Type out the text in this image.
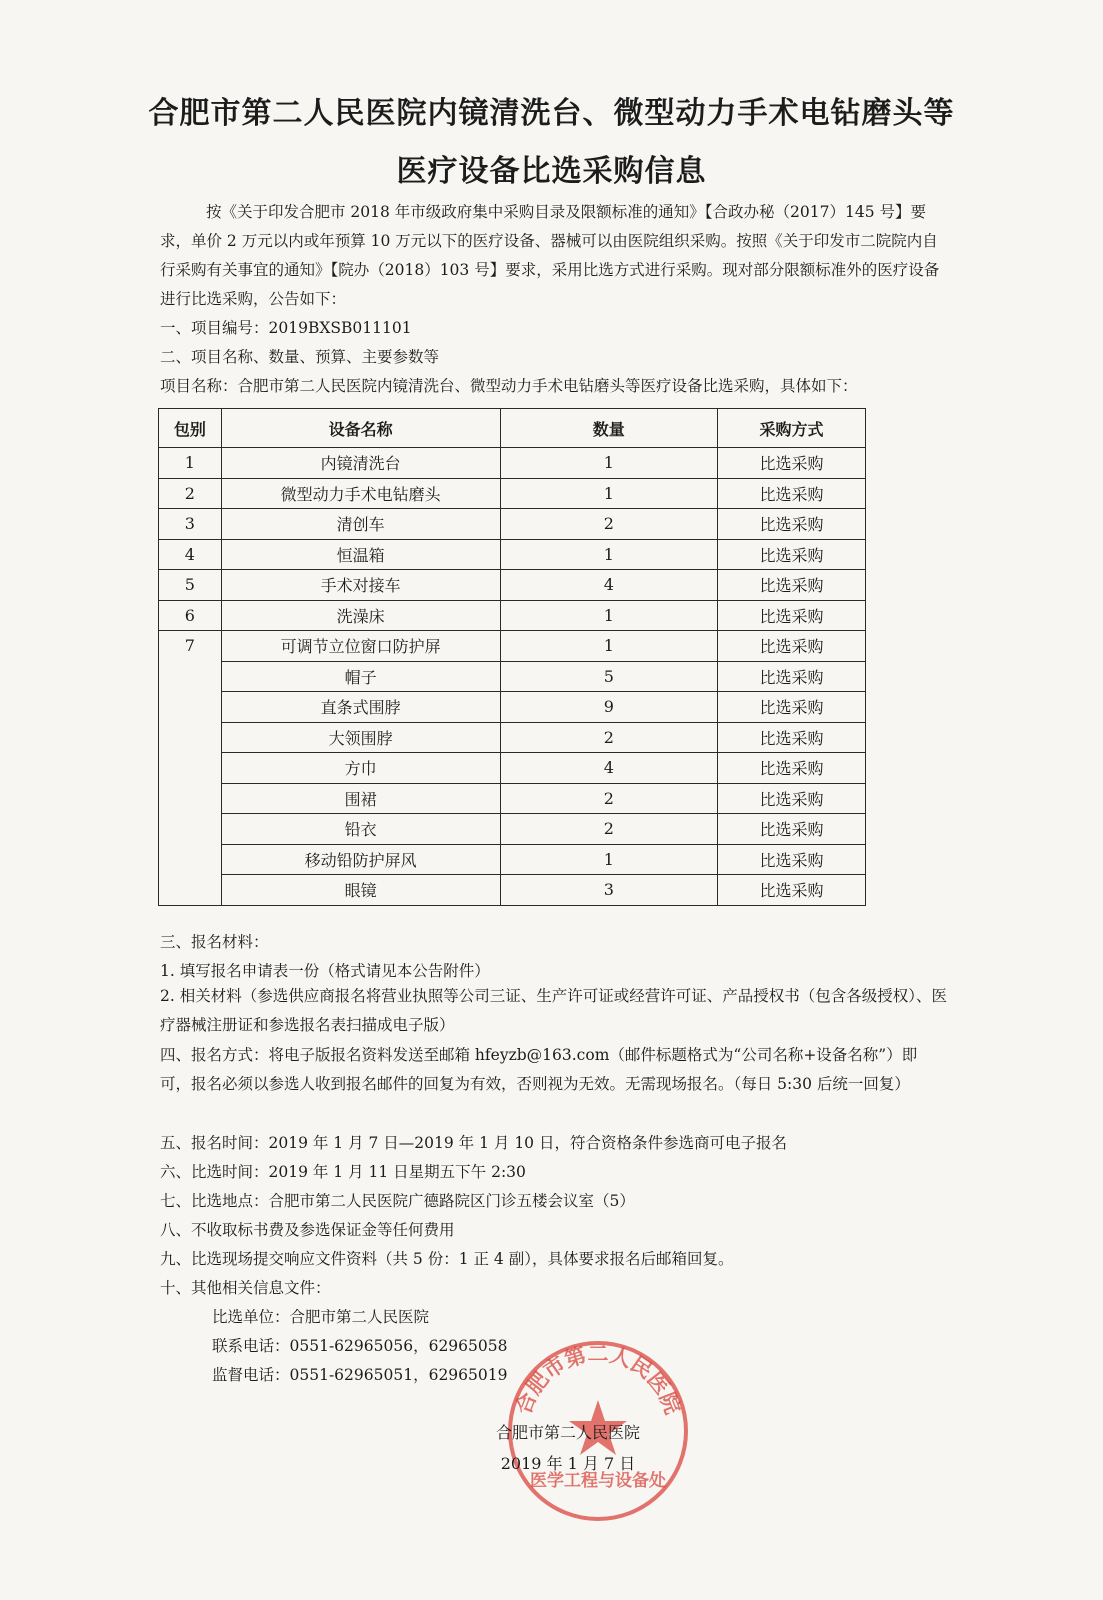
合肥市第二人民医院内镜清洗台、微型动力手术电钻磨头等
医疗设备比选采购信息
按《关于印发合肥市 2018 年市级政府集中采购目录及限额标准的通知》【合政办秘（2017）145 号】要求，单价 2 万元以内或年预算 10 万元以下的医疗设备、器械可以由医院组织采购。按照《关于印发市二院院内自行采购有关事宜的通知》【院办（2018）103 号】要求，采用比选方式进行采购。现对部分限额标准外的医疗设备进行比选采购，公告如下：
一、项目编号：2019BXSB011101
二、项目名称、数量、预算、主要参数等
项目名称：合肥市第二人民医院内镜清洗台、微型动力手术电钻磨头等医疗设备比选采购，具体如下：
包别	设备名称	数量	采购方式
1	内镜清洗台	1	比选采购
2	微型动力手术电钻磨头	1	比选采购
3	清创车	2	比选采购
4	恒温箱	1	比选采购
5	手术对接车	4	比选采购
6	洗澡床	1	比选采购
7	可调节立位窗口防护屏	1	比选采购
	帽子	5	比选采购
	直条式围脖	9	比选采购
	大领围脖	2	比选采购
	方巾	4	比选采购
	围裙	2	比选采购
	铅衣	2	比选采购
	移动铅防护屏风	1	比选采购
	眼镜	3	比选采购
三、报名材料：
1. 填写报名申请表一份（格式请见本公告附件）
2. 相关材料（参选供应商报名将营业执照等公司三证、生产许可证或经营许可证、产品授权书（包含各级授权）、医疗器械注册证和参选报名表扫描成电子版）
四、报名方式：将电子版报名资料发送至邮箱 hfeyzb@163.com（邮件标题格式为“公司名称+设备名称”）即可，报名必须以参选人收到报名邮件的回复为有效，否则视为无效。无需现场报名。（每日 5:30 后统一回复）
五、报名时间：2019 年 1 月 7 日—2019 年 1 月 10 日，符合资格条件参选商可电子报名
六、比选时间：2019 年 1 月 11 日星期五下午 2:30
七、比选地点：合肥市第二人民医院广德路院区门诊五楼会议室（5）
八、不收取标书费及参选保证金等任何费用
九、比选现场提交响应文件资料（共 5 份：1 正 4 副），具体要求报名后邮箱回复。
十、其他相关信息文件：
比选单位：合肥市第二人民医院
联系电话：0551-62965056，62965058
监督电话：0551-62965051，62965019
合肥市第二人民医院
医学工程与设备处
合肥市第二人民医院
2019 年 1 月 7 日
